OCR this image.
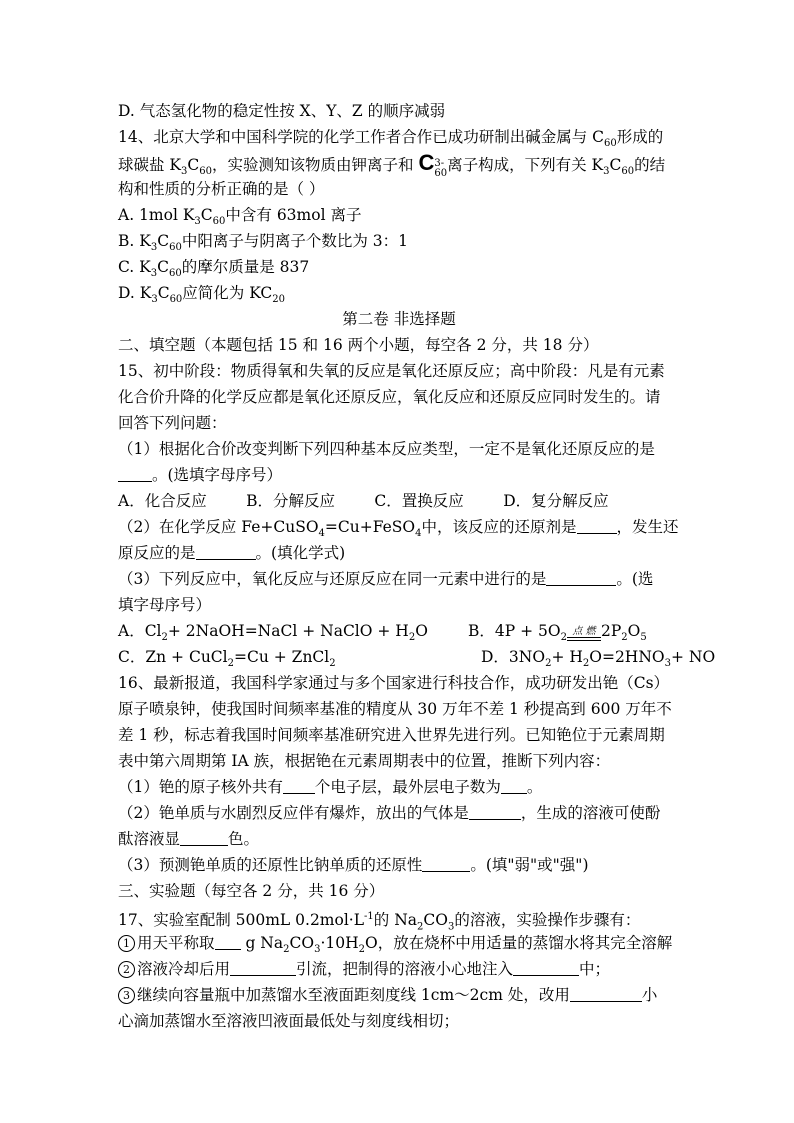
D. 气态氢化物的稳定性按 X、Y、Z 的顺序减弱
14、北京大学和中国科学院的化学工作者合作已成功研制出碱金属与 $C_{60}$形成的
球碳盐 $K_3C_{60}$，实验测知该物质由钾离子和 C3-
60离子构成，下列有关 $K_3C_{60}$的结
构和性质的分析正确的是（ ）
A. 1mol $K_3C_{60}$中含有 63mol 离子
B. $K_3C_{60}$中阳离子与阴离子个数比为 3：1
C. $K_3C_{60}$的摩尔质量是 837
D. $K_3C_{60}$应简化为 $KC_{20}$
第二卷 非选择题
二、填空题（本题包括 15 和 16 两个小题，每空各 2 分，共 18 分）
15、初中阶段：物质得氧和失氧的反应是氧化还原反应；高中阶段：凡是有元素
化合价升降的化学反应都是氧化还原反应，氧化反应和还原反应同时发生的。请
回答下列问题：
（1）根据化合价改变判断下列四种基本反应类型，一定不是氧化还原反应的是
。(选填字母序号）
A．化合反应        B．分解反应        C．置换反应        D．复分解反应
（2）在化学反应 Fe+CuSO$_4$=Cu+FeSO$_4$中，该反应的还原剂是	，发生还
原反应的是	。(填化学式)
（3）下列反应中，氧化反应与还原反应在同一元素中进行的是	。(选
填字母序号）
A．$Cl_2+$ 2NaOH=NaCl + NaClO + $H_2O$	B．$4P + 5O_2$
点 燃 $2P_2O_5$
C．Zn + CuCl$_2$=Cu + ZnCl$_2$	D．$3NO_2+ H_2O=2HNO_3+$ NO
16、最新报道，我国科学家通过与多个国家进行科技合作，成功研发出铯（Cs）
原子喷泉钟，使我国时间频率基准的精度从 30 万年不差 1 秒提高到 600 万年不
差 1 秒，标志着我国时间频率基准研究进入世界先进行列。已知铯位于元素周期
表中第六周期第 IA 族，根据铯在元素周期表中的位置，推断下列内容：
（1）铯的原子核外共有 个电子层，最外层电子数为 。
（2）铯单质与水剧烈反应伴有爆炸，放出的气体是	，生成的溶液可使酚
酞溶液显	色。
（3）预测铯单质的还原性比钠单质的还原性	。(填"弱"或"强")
三、实验题（每空各 2 分，共 16 分）
17、实验室配制 500mL $0.2mol\cdot L^{-1}$的 $Na_2CO_3$的溶液，实验操作步骤有：
1 用天平称取 g $Na_2CO_3\cdot 10H_2O$，放在烧杯中用适量的蒸馏水将其完全溶解
2 溶液冷却后用	引流，把制得的溶液小心地注入	中；
3 继续向容量瓶中加蒸馏水至液面距刻度线 1cm～2cm 处，改用	小
心滴加蒸馏水至溶液凹液面最低处与刻度线相切；
